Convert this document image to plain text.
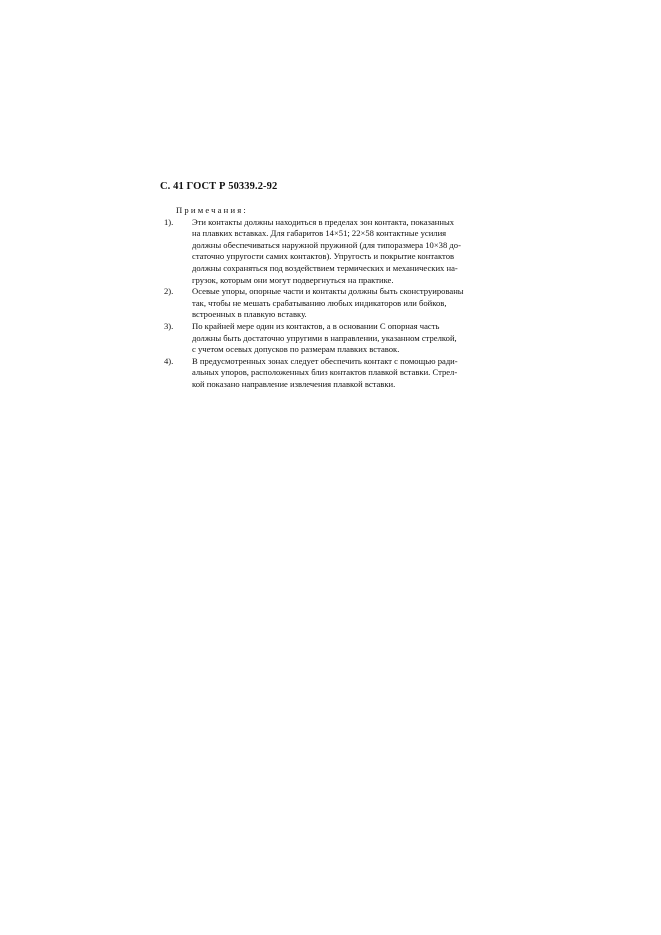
С. 41 ГОСТ Р 50339.2-92
Примечания:
1). Эти контакты должны находиться в пределах зон контакта, показанных
на плавких вставках. Для габаритов 14×51; 22×58 контактные усилия
должны обеспечиваться наружной пружиной (для типоразмера 10×38 до-
статочно упругости самих контактов). Упругость и покрытие контактов
должны сохраняться под воздействием термических и механических на-
грузок, которым они могут подвергнуться на практике.
2). Осевые упоры, опорные части и контакты должны быть сконструированы
так, чтобы не мешать срабатыванию любых индикаторов или бойков,
встроенных в плавкую вставку.
3). По крайней мере один из контактов, а в основании С опорная часть
должны быть достаточно упругими в направлении, указанном стрелкой,
с учетом осевых допусков по размерам плавких вставок.
4). В предусмотренных зонах следует обеспечить контакт с помощью ради-
альных упоров, расположенных близ контактов плавкой вставки. Стрел-
кой показано направление извлечения плавкой вставки.
